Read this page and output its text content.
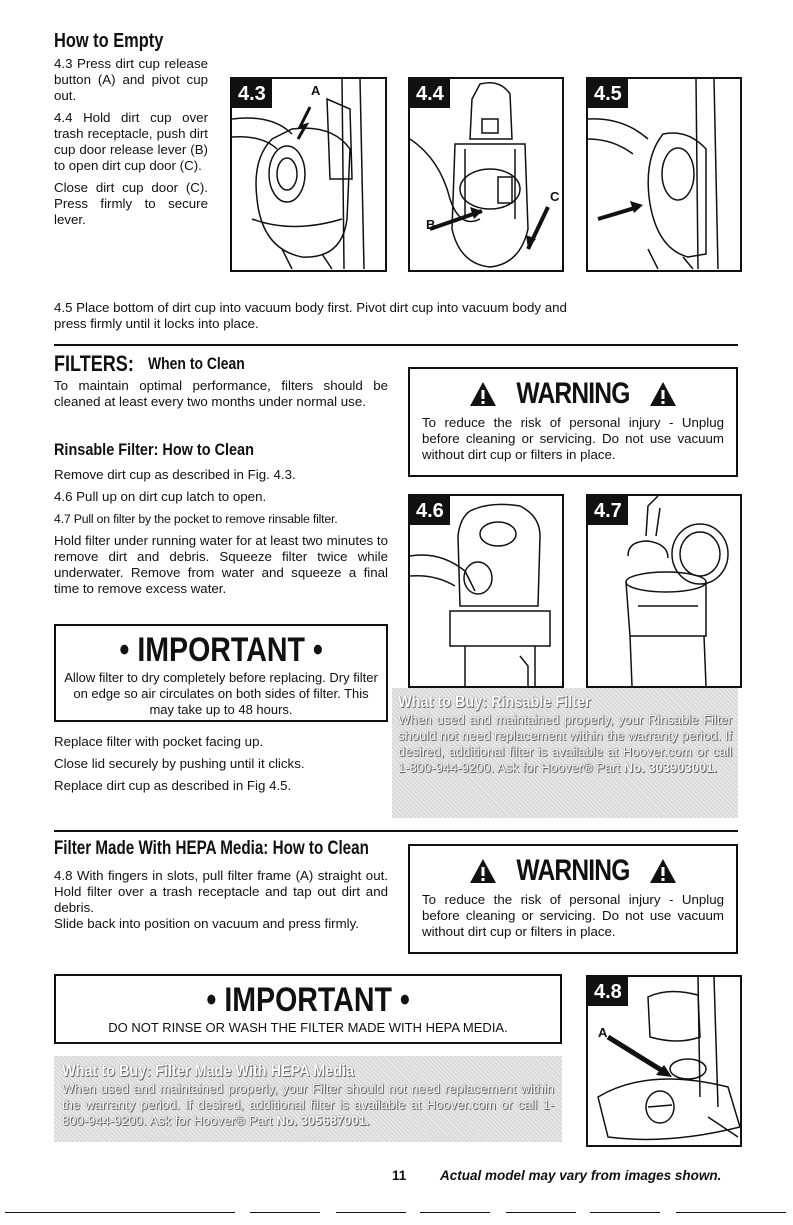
How to Empty

4.3 Press dirt cup release button (A) and pivot cup out.

4.4 Hold dirt cup over trash receptacle, push dirt cup door release lever (B) to open dirt cup door (C).

Close dirt cup door (C). Press firmly to secure lever.

4.5 Place bottom of dirt cup into vacuum body first. Pivot dirt cup into vacuum body and press firmly until it locks into place.
4.3	A	4.4
B
C
4.5
FILTERS: When to Clean
To maintain optimal performance, filters should be cleaned at least every two months under normal use.
Rinsable Filter: How to Clean

Remove dirt cup as described in Fig. 4.3.

4.6 Pull up on dirt cup latch to open.

4.7 Pull on filter by the pocket to remove rinsable filter.

Hold filter under running water for at least two minutes to remove dirt and debris. Squeeze filter twice while underwater. Remove from water and squeeze a final time to remove excess water.

• IMPORTANT •
Allow filter to dry completely before replacing. Dry filter on edge so air circulates on both sides of filter. This may take up to 48 hours.

Replace filter with pocket facing up.

Close lid securely by pushing until it clicks.

Replace dirt cup as described in Fig 4.5.

WARNING
To reduce the risk of personal injury - Unplug before cleaning or servicing. Do not use vacuum without dirt cup or filters in place.
4.6	4.7
What to Buy: Rinsable Filter
When used and maintained properly, your Rinsable Filter should not need replacement within the warranty period. If desired, additional filter is available at Hoover.com or call 1-800-944-9200. Ask for Hoover® Part No. 303903001.
Filter Made With HEPA Media: How to Clean

4.8 With fingers in slots, pull filter frame (A) straight out. Hold filter over a trash receptacle and tap out dirt and debris.

Slide back into position on vacuum and press firmly.

WARNING
To reduce the risk of personal injury - Unplug before cleaning or servicing. Do not use vacuum without dirt cup or filters in place.
• IMPORTANT •
DO NOT RINSE OR WASH THE FILTER MADE WITH HEPA MEDIA.
What to Buy: Filter Made With HEPA Media
When used and maintained properly, your Filter should not need replacement within the warranty period. If desired, additional filter is available at Hoover.com or call 1-800-944-9200. Ask for Hoover® Part No. 305687001.
4.8
A
11 Actual model may vary from images shown.
